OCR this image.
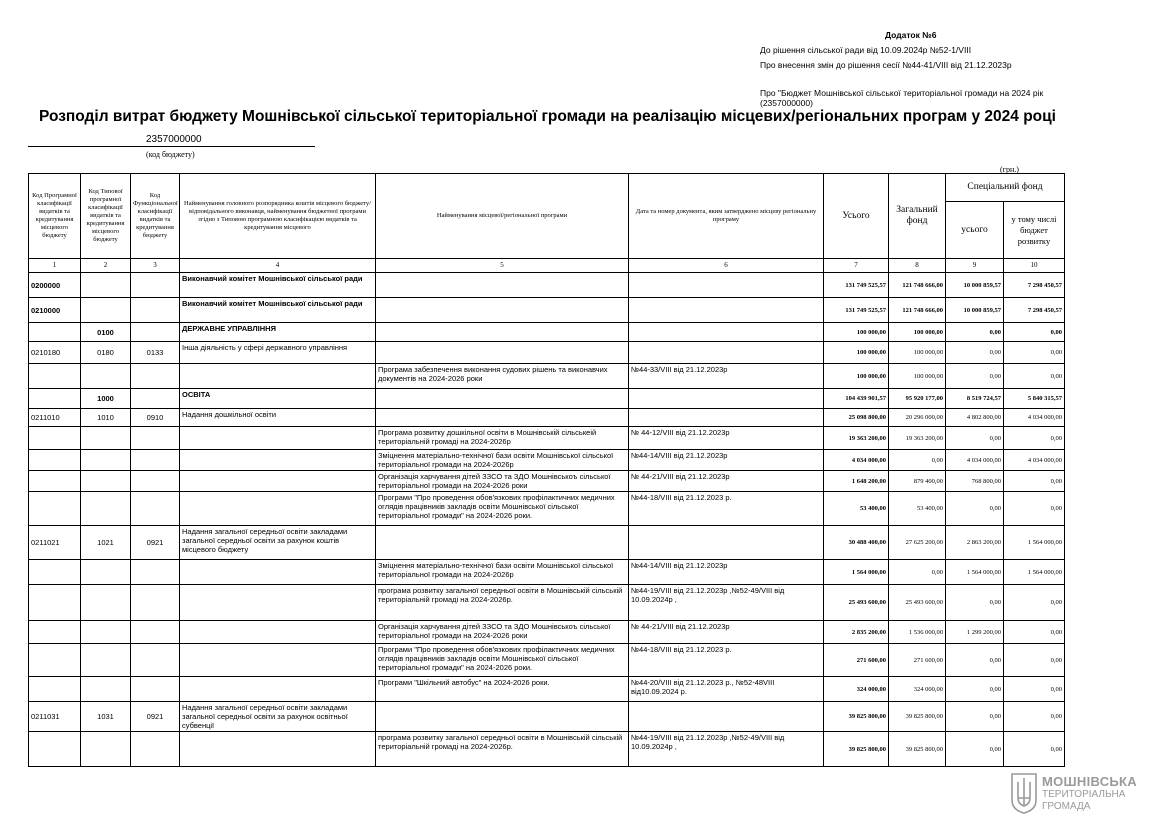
Додаток №6
До рішення сільської ради від 10.09.2024р №52-1/VIII
Про внесення змін до рішення сесії №44-41/VIII від 21.12.2023р
Про "Бюджет Мошнівської сільської територіальної громади на 2024 рік
(2357000000)
Розподіл витрат бюджету Мошнівської сільської територіальної громади на реалізацію місцевих/регіональних програм у 2024 році
2357000000
(код бюджету)
(грн.)
Код Програмної класифікації видатків та кредитування місцевого бюджету	Код Типової програмної класифікації видатків та кредитування місцевого бюджету	Код Функціональної класифікації видатків та кредитування бюджету	Найменування головного розпорядника коштів місцевого бюджету/ відповідального виконавця, найменування бюджетної програми згідно з Типовою програмною класифікацією видатків та кредитування місцевого	Найменування місцевої/регіональної програми	Дата та номер документа, яким затверджено місцеву регіональну програму	Усього	Загальний фонд	Спеціальний фонд	
								усього	у тому числі бюджет розвитку
1	2	3	4	5	6	7	8	9	10
0200000			Виконавчий комітет Мошнівської сільської ради			131 749 525,57	121 748 666,00	10 000 859,57	7 298 450,57
0210000			Виконавчий комітет Мошнівської сільської ради			131 749 525,57	121 748 666,00	10 000 859,57	7 298 450,57
	0100		ДЕРЖАВНЕ УПРАВЛІННЯ			100 000,00	100 000,00	0,00	0,00
0210180	0180	0133	Інша діяльність у сфері державного управління			100 000,00	100 000,00	0,00	0,00
				Програма забезпечення виконання судових рішень та виконавчих документів на 2024-2026 роки	№44-33/VIII від 21.12.2023р	100 000,00	100 000,00	0,00	0,00
	1000		ОСВІТА			104 439 901,57	95 920 177,00	8 519 724,57	5 840 315,57
0211010	1010	0910	Надання дошкільної освіти			25 098 800,00	20 296 000,00	4 802 800,00	4 034 000,00
				Програма розвитку дошкільної освіти в Мошнівській сільськеій територіальній громаді на 2024-2026р	№ 44-12/VIII від 21.12.2023р	19 363 200,00	19 363 200,00	0,00	0,00
				Зміцнення матеріально-технічної бази освіти Мошнівської сільської територіальної громади на 2024-2026р	№44-14/VIII від 21.12.2023р	4 034 000,00	0,00	4 034 000,00	4 034 000,00
				Організація харчування дітей ЗЗСО та ЗДО Мошнівськоъ сільської територіальної громади на 2024-2026 роки	№ 44-21/VIII від 21.12.2023р	1 648 200,00	879 400,00	768 800,00	0,00
				Програми "Про проведення обов'язкових профілактичних медичних оглядів працівників закладів освіти Мошнівської сільської територіальної громади" на 2024-2026 роки.	№44-18/VIII від 21.12.2023 р.	53 400,00	53 400,00	0,00	0,00
0211021	1021	0921	Надання загальної середньої освіти закладами загальної середньої освіти за рахунок коштів місцевого бюджету			30 488 400,00	27 625 200,00	2 863 200,00	1 564 000,00
				Зміцнення матеріально-технічної бази освіти Мошнівської сільської територіальної громади на 2024-2026р	№44-14/VIII від 21.12.2023р	1 564 000,00	0,00	1 564 000,00	1 564 000,00
				програма розвитку загальної середньої освіти в Мошнівській сільській територіальній громаді на 2024-2026р.	№44-19/VIII від 21.12.2023р ,№52-49/VIII від 10.09.2024р ,	25 493 600,00	25 493 600,00	0,00	0,00
				Організація харчування дітей ЗЗСО та ЗДО Мошнівськоъ сільської територіальної громади на 2024-2026 роки	№ 44-21/VIII від 21.12.2023р	2 835 200,00	1 536 000,00	1 299 200,00	0,00
				Програми "Про проведення обов'язкових профілактичних медичних оглядів працівників закладів освіти Мошнівської сільської територіальної громади" на 2024-2026 роки.	№44-18/VIII від 21.12.2023 р.	271 600,00	271 600,00	0,00	0,00
				Програми "Шкільний автобус" на 2024-2026 роки.	№44-20/VIII від 21.12.2023 р., №52-48VIII від10.09.2024 р.	324 000,00	324 000,00	0,00	0,00
0211031	1031	0921	Надання загальної середньої освіти закладами загальної середньої освіти за рахунок освітньої субвенції			39 825 800,00	39 825 800,00	0,00	0,00
				програма розвитку загальної середньої освіти в Мошнівській сільській територіальній громаді на 2024-2026р.	№44-19/VIII від 21.12.2023р ,№52-49/VIII від 10.09.2024р ,	39 825 800,00	39 825 800,00	0,00	0,00
МОШНІВСЬКА
ТЕРИТОРІАЛЬНА
ГРОМАДА
